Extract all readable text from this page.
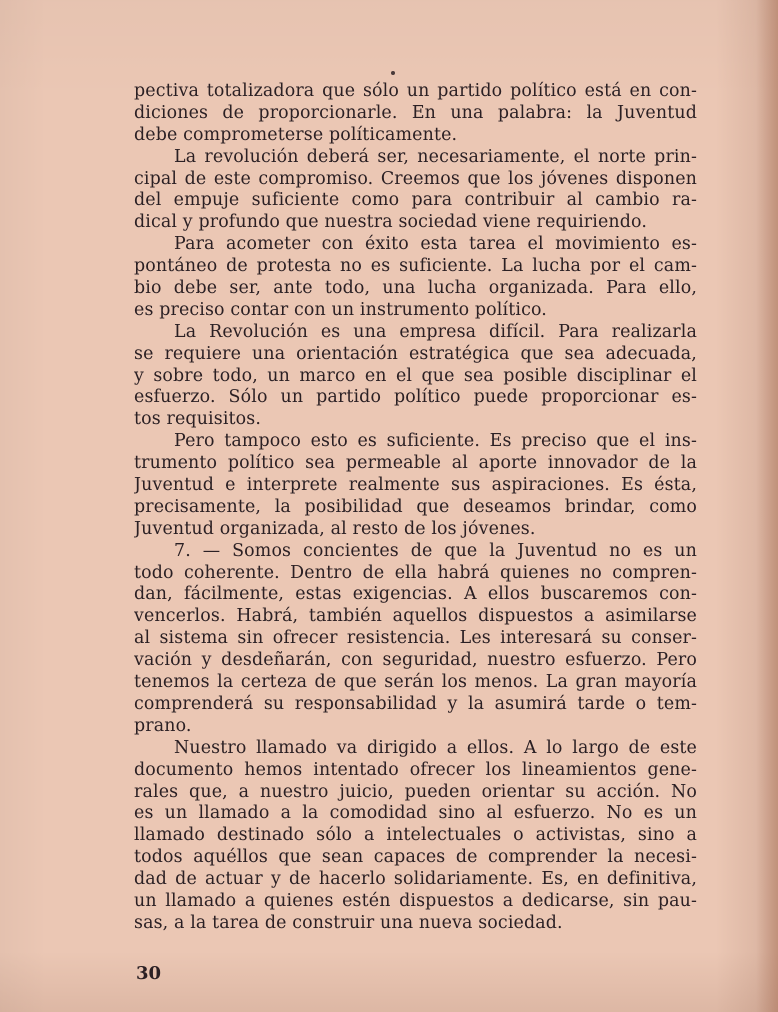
pectiva totalizadora que sólo un partido político está en con-
diciones de proporcionarle. En una palabra: la Juventud
debe comprometerse políticamente.
La revolución deberá ser, necesariamente, el norte prin-
cipal de este compromiso. Creemos que los jóvenes disponen
del empuje suficiente como para contribuir al cambio ra-
dical y profundo que nuestra sociedad viene requiriendo.
Para acometer con éxito esta tarea el movimiento es-
pontáneo de protesta no es suficiente. La lucha por el cam-
bio debe ser, ante todo, una lucha organizada. Para ello,
es preciso contar con un instrumento político.
La Revolución es una empresa difícil. Para realizarla
se requiere una orientación estratégica que sea adecuada,
y sobre todo, un marco en el que sea posible disciplinar el
esfuerzo. Sólo un partido político puede proporcionar es-
tos requisitos.
Pero tampoco esto es suficiente. Es preciso que el ins-
trumento político sea permeable al aporte innovador de la
Juventud e interprete realmente sus aspiraciones. Es ésta,
precisamente, la posibilidad que deseamos brindar, como
Juventud organizada, al resto de los jóvenes.
7. — Somos concientes de que la Juventud no es un
todo coherente. Dentro de ella habrá quienes no compren-
dan, fácilmente, estas exigencias. A ellos buscaremos con-
vencerlos. Habrá, también aquellos dispuestos a asimilarse
al sistema sin ofrecer resistencia. Les interesará su conser-
vación y desdeñarán, con seguridad, nuestro esfuerzo. Pero
tenemos la certeza de que serán los menos. La gran mayoría
comprenderá su responsabilidad y la asumirá tarde o tem-
prano.
Nuestro llamado va dirigido a ellos. A lo largo de este
documento hemos intentado ofrecer los lineamientos gene-
rales que, a nuestro juicio, pueden orientar su acción. No
es un llamado a la comodidad sino al esfuerzo. No es un
llamado destinado sólo a intelectuales o activistas, sino a
todos aquéllos que sean capaces de comprender la necesi-
dad de actuar y de hacerlo solidariamente. Es, en definitiva,
un llamado a quienes estén dispuestos a dedicarse, sin pau-
sas, a la tarea de construir una nueva sociedad.
30
